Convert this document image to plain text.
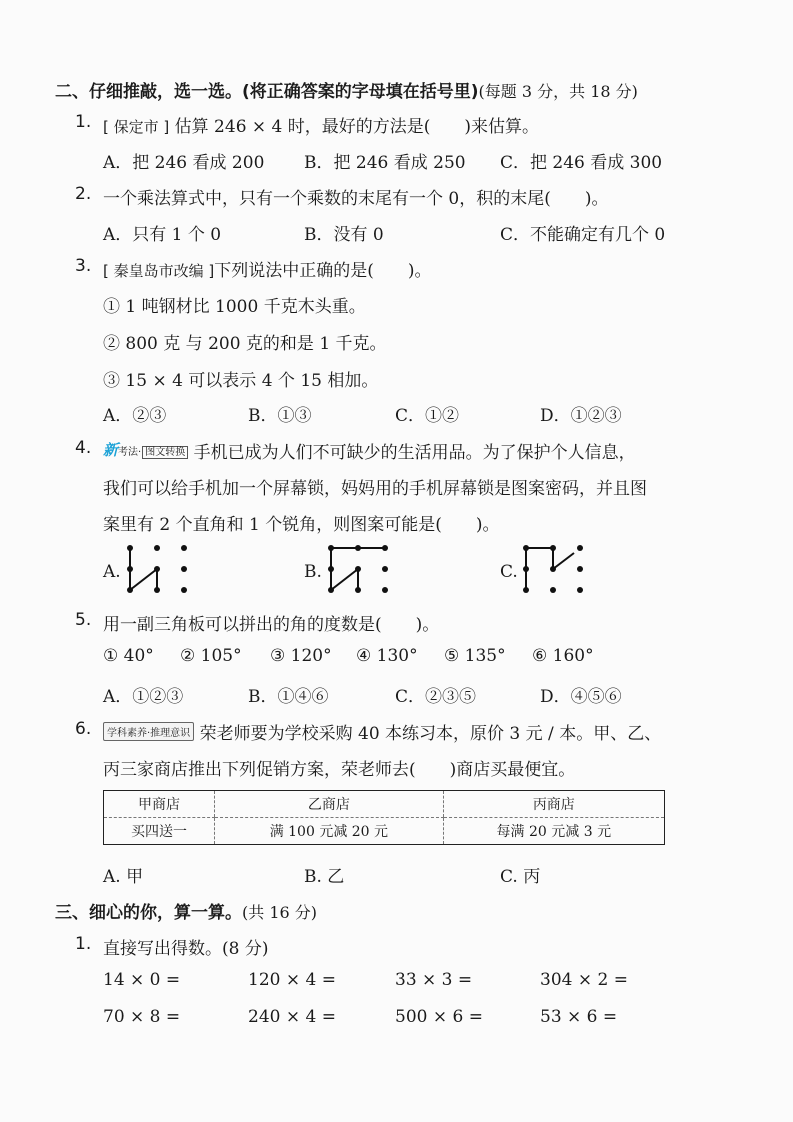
二、仔细推敲，选一选。(将正确答案的字母填在括号里)(每题 3 分，共 18 分)
1. [ 保定市 ] 估算 246 × 4 时，最好的方法是(　　)来估算。
A．把 246 看成 200 B．把 246 看成 250 C．把 246 看成 300
2. 一个乘法算式中，只有一个乘数的末尾有一个 0，积的末尾(　　)。
A．只有 1 个 0	B．没有 0	C．不能确定有几个 0
3. [ 秦皇岛市改编 ]下列说法中正确的是(　　)。
① 1 吨钢材比 1000 千克木头重。
② 800 克 与 200 克的和是 1 千克。
③ 15 × 4 可以表示 4 个 15 相加。
A．②③	B．①③	C．①②	D．①②③
4. 新考法· 图文转换 手机已成为人们不可缺少的生活用品。为了保护个人信息，
我们可以给手机加一个屏幕锁，妈妈用的手机屏幕锁是图案密码，并且图
案里有 2 个直角和 1 个锐角，则图案可能是(　　)。
A.	B.	C.
5. 用一副三角板可以拼出的角的度数是(　　)。
① 40° ② 105° ③ 120° ④ 130° ⑤ 135° ⑥ 160°
A．①②③	B．①④⑥	C．②③⑤	D．④⑤⑥
6.	学科素养·推理意识 荣老师要为学校采购 40 本练习本，原价 3 元 / 本。甲、乙、
丙三家商店推出下列促销方案，荣老师去(　　)商店买最便宜。
甲商店	乙商店	丙商店
买四送一	满 100 元减 20 元	每满 20 元减 3 元
A. 甲	B. 乙	C. 丙
三、细心的你，算一算。(共 16 分)
1. 直接写出得数。(8 分)
14 × 0 =	120 × 4 =	33 × 3 =	304 × 2 =
70 × 8 =	240 × 4 =	500 × 6 =	53 × 6 =
